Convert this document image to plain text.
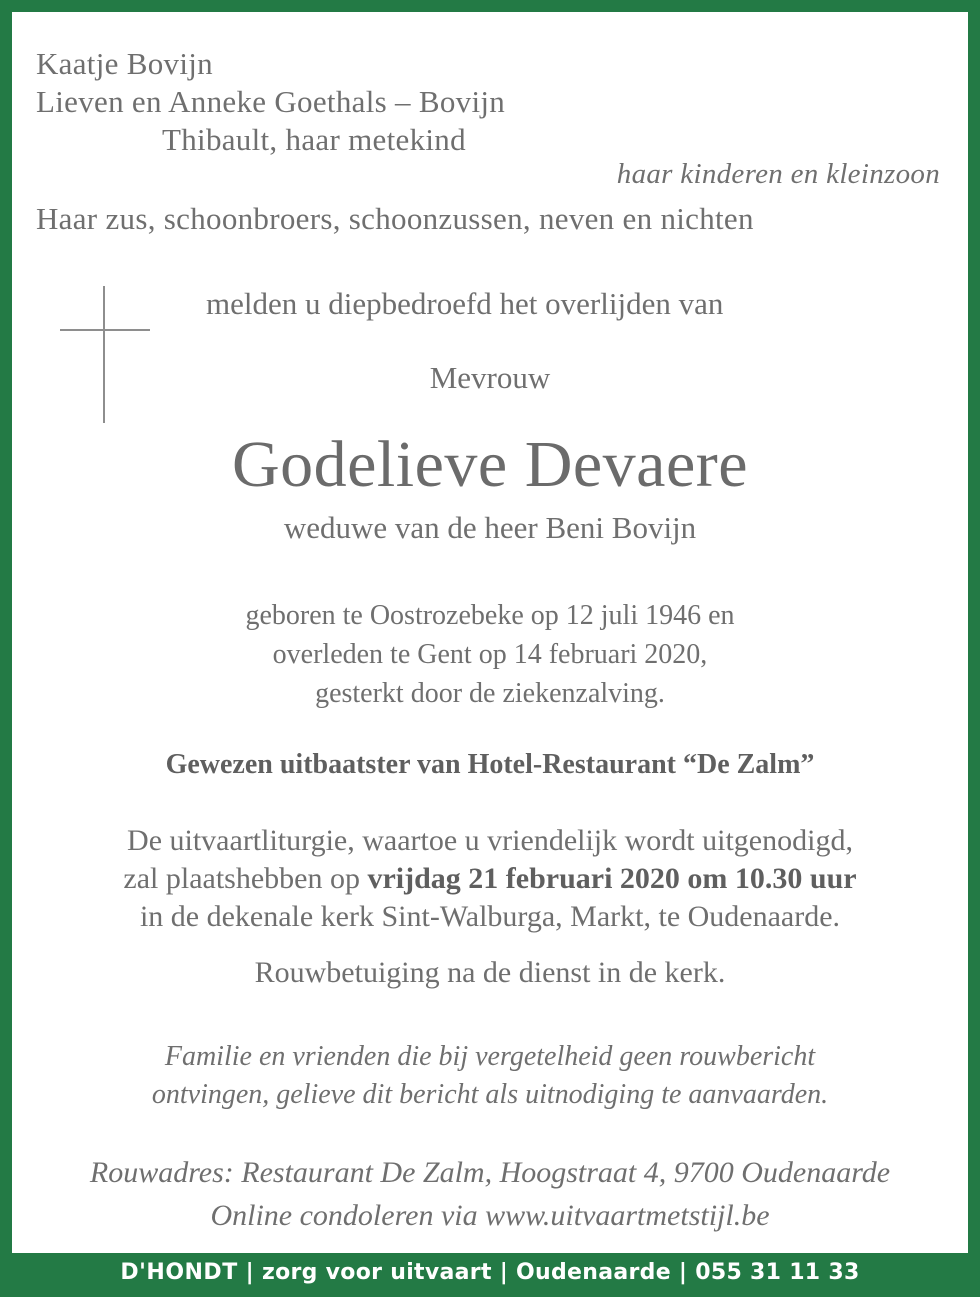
Kaatje Bovijn
Lieven en Anneke Goethals – Bovijn
Thibault, haar metekind
haar kinderen en kleinzoon
Haar zus, schoonbroers, schoonzussen, neven en nichten
melden u diepbedroefd het overlijden van
Mevrouw
Godelieve Devaere
weduwe van de heer Beni Bovijn
geboren te Oostrozebeke op 12 juli 1946 en
overleden te Gent op 14 februari 2020,
gesterkt door de ziekenzalving.
Gewezen uitbaatster van Hotel-Restaurant “De Zalm”
De uitvaartliturgie, waartoe u vriendelijk wordt uitgenodigd,
zal plaatshebben op vrijdag 21 februari 2020 om 10.30 uur
in de dekenale kerk Sint-Walburga, Markt, te Oudenaarde.
Rouwbetuiging na de dienst in de kerk.
Familie en vrienden die bij vergetelheid geen rouwbericht
ontvingen, gelieve dit bericht als uitnodiging te aanvaarden.
Rouwadres: Restaurant De Zalm, Hoogstraat 4, 9700 Oudenaarde
Online condoleren via www.uitvaartmetstijl.be
D'HONDT | zorg voor uitvaart | Oudenaarde | 055 31 11 33
